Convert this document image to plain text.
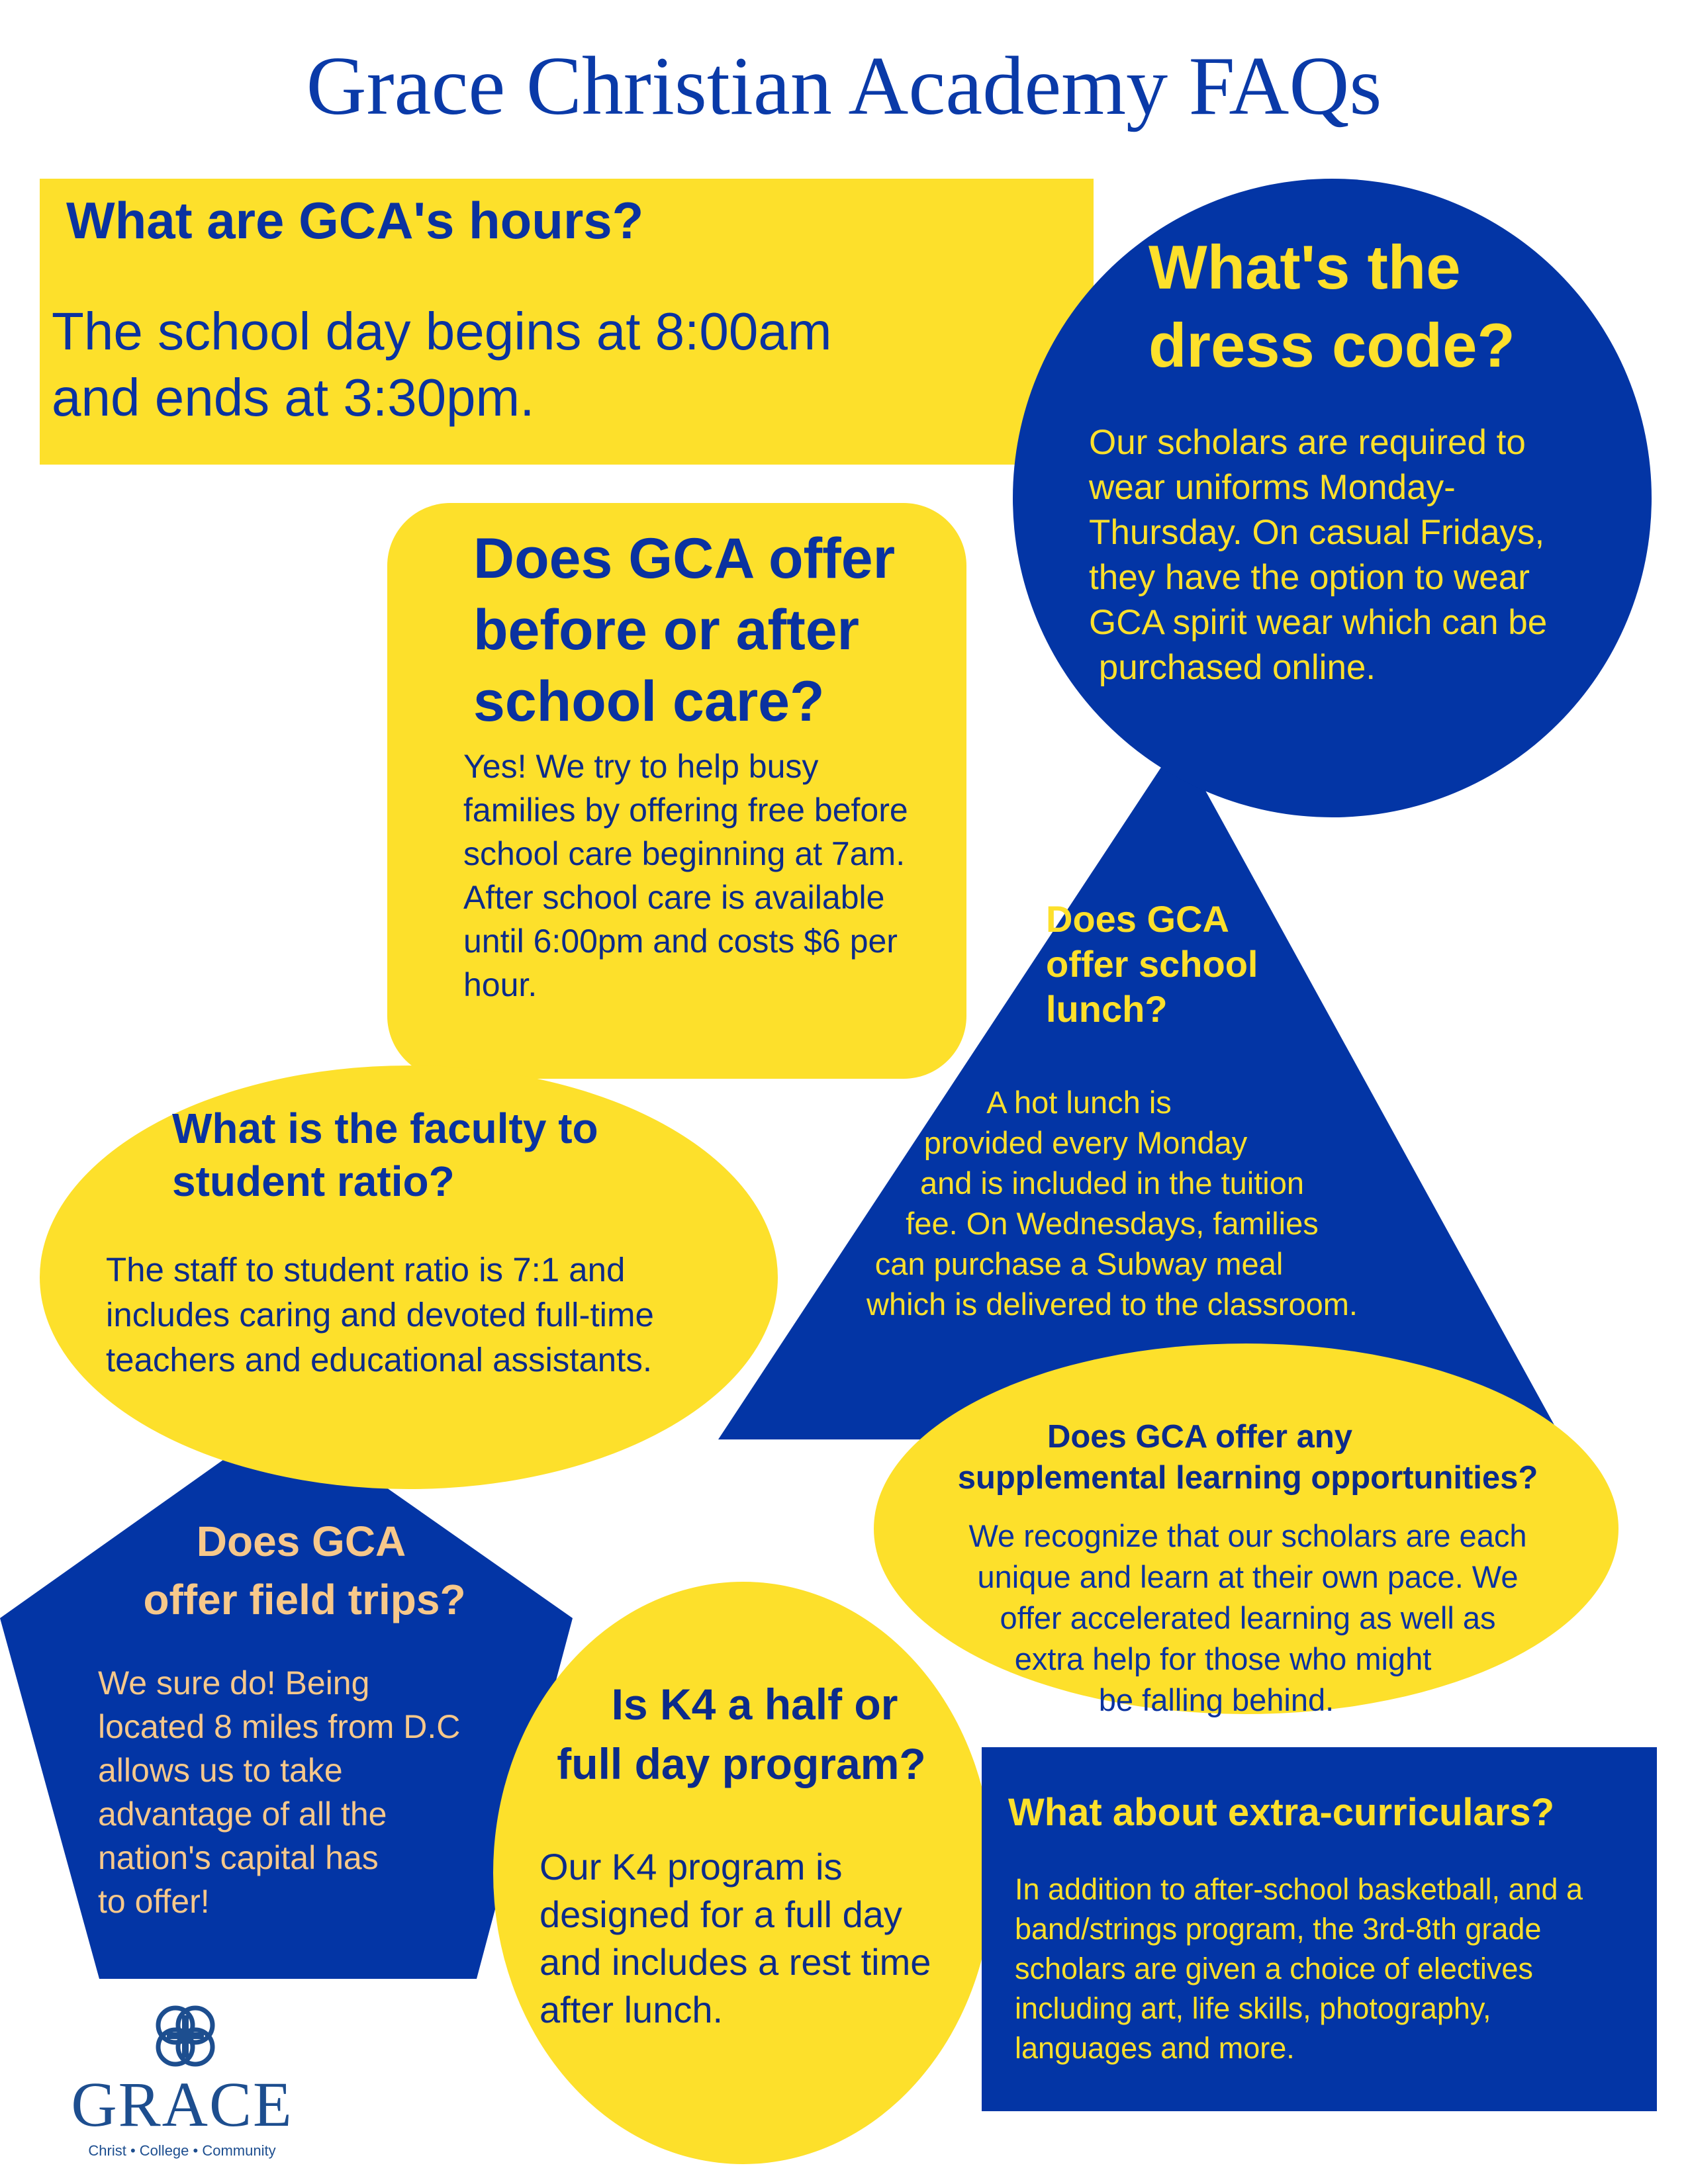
Grace Christian Academy FAQs

What are GCA's hours?

The school day begins at 8:00am

and ends at 3:30pm.

What's the

dress code?

Our scholars are required to

wear uniforms Monday-

Thursday. On casual Fridays,

they have the option to wear

GCA spirit wear which can be

purchased online.

Does GCA offer

before or after

school care?

Yes! We try to help busy

families by offering free before

school care beginning at 7am.

After school care is available

until 6:00pm and costs $6 per

hour.

Does GCA

offer school

lunch?

A hot lunch is

provided every Monday

and is included in the tuition

fee. On Wednesdays, families

can purchase a Subway meal

which is delivered to the classroom.

What is the faculty to

student ratio?

The staff to student ratio is 7:1 and

includes caring and devoted full-time

teachers and educational assistants.

Does GCA offer any

supplemental learning opportunities?

We recognize that our scholars are each

unique and learn at their own pace. We

offer accelerated learning as well as

extra help for those who might

be falling behind.

Does GCA

offer field trips?

We sure do! Being

located 8 miles from D.C

allows us to take

advantage of all the

nation's capital has

to offer!

Is K4 a half or

full day program?

Our K4 program is

designed for a full day

and includes a rest time

after lunch.

What about extra-curriculars?

In addition to after-school basketball, and a

band/strings program, the 3rd-8th grade

scholars are given a choice of electives

including art, life skills, photography,

languages and more.

GRACE
Christ • College • Community
